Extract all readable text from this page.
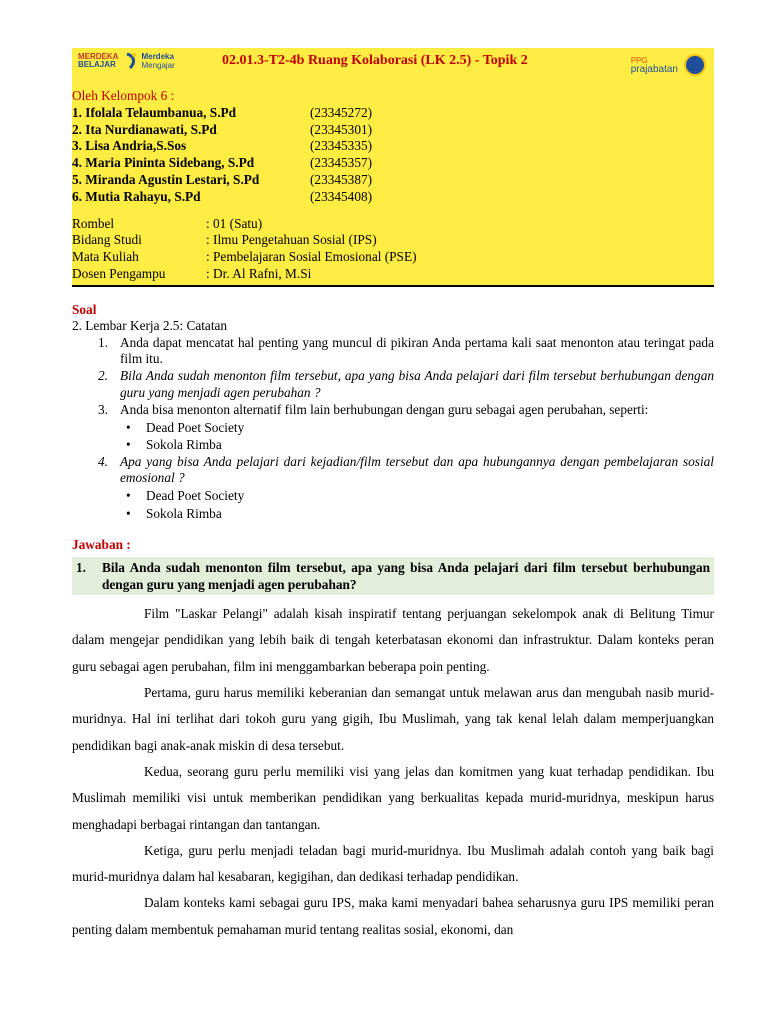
MERDEKA
BELAJAR
Merdeka
Mengajar	02.01.3-T2-4b Ruang Kolaborasi (LK 2.5) - Topik 2	PPG
prajabatan
Oleh Kelompok 6 :
1. Ifolala Telaumbanua, S.Pd	(23345272)
2. Ita Nurdianawati, S.Pd	(23345301)
3. Lisa Andria,S.Sos	(23345335)
4. Maria Pininta Sidebang, S.Pd	(23345357)
5. Miranda Agustin Lestari, S.Pd	(23345387)
6. Mutia Rahayu, S.Pd	(23345408)
Rombel	: 01 (Satu)
Bidang Studi	: Ilmu Pengetahuan Sosial (IPS)
Mata Kuliah	: Pembelajaran Sosial Emosional (PSE)
Dosen Pengampu	: Dr. Al Rafni, M.Si
Soal
2. Lembar Kerja 2.5: Catatan
1. Anda dapat mencatat hal penting yang muncul di pikiran Anda pertama kali saat menonton atau teringat pada film itu.
2. Bila Anda sudah menonton film tersebut, apa yang bisa Anda pelajari dari film tersebut berhubungan dengan guru yang menjadi agen perubahan ?
3. Anda bisa menonton alternatif film lain berhubungan dengan guru sebagai agen perubahan, seperti:
• Dead Poet Society
• Sokola Rimba
4. Apa yang bisa Anda pelajari dari kejadian/film tersebut dan apa hubungannya dengan pembelajaran sosial emosional ?
• Dead Poet Society
• Sokola Rimba
Jawaban :
1. Bila Anda sudah menonton film tersebut, apa yang bisa Anda pelajari dari film tersebut berhubungan dengan guru yang menjadi agen perubahan?

Film "Laskar Pelangi" adalah kisah inspiratif tentang perjuangan sekelompok anak di Belitung Timur dalam mengejar pendidikan yang lebih baik di tengah keterbatasan ekonomi dan infrastruktur. Dalam konteks peran guru sebagai agen perubahan, film ini menggambarkan beberapa poin penting.

Pertama, guru harus memiliki keberanian dan semangat untuk melawan arus dan mengubah nasib murid-muridnya. Hal ini terlihat dari tokoh guru yang gigih, Ibu Muslimah, yang tak kenal lelah dalam memperjuangkan pendidikan bagi anak-anak miskin di desa tersebut.

Kedua, seorang guru perlu memiliki visi yang jelas dan komitmen yang kuat terhadap pendidikan. Ibu Muslimah memiliki visi untuk memberikan pendidikan yang berkualitas kepada murid-muridnya, meskipun harus menghadapi berbagai rintangan dan tantangan.

Ketiga, guru perlu menjadi teladan bagi murid-muridnya. Ibu Muslimah adalah contoh yang baik bagi murid-muridnya dalam hal kesabaran, kegigihan, dan dedikasi terhadap pendidikan.

Dalam konteks kami sebagai guru IPS, maka kami menyadari bahea seharusnya guru IPS memiliki peran penting dalam membentuk pemahaman murid tentang realitas sosial, ekonomi, dan
